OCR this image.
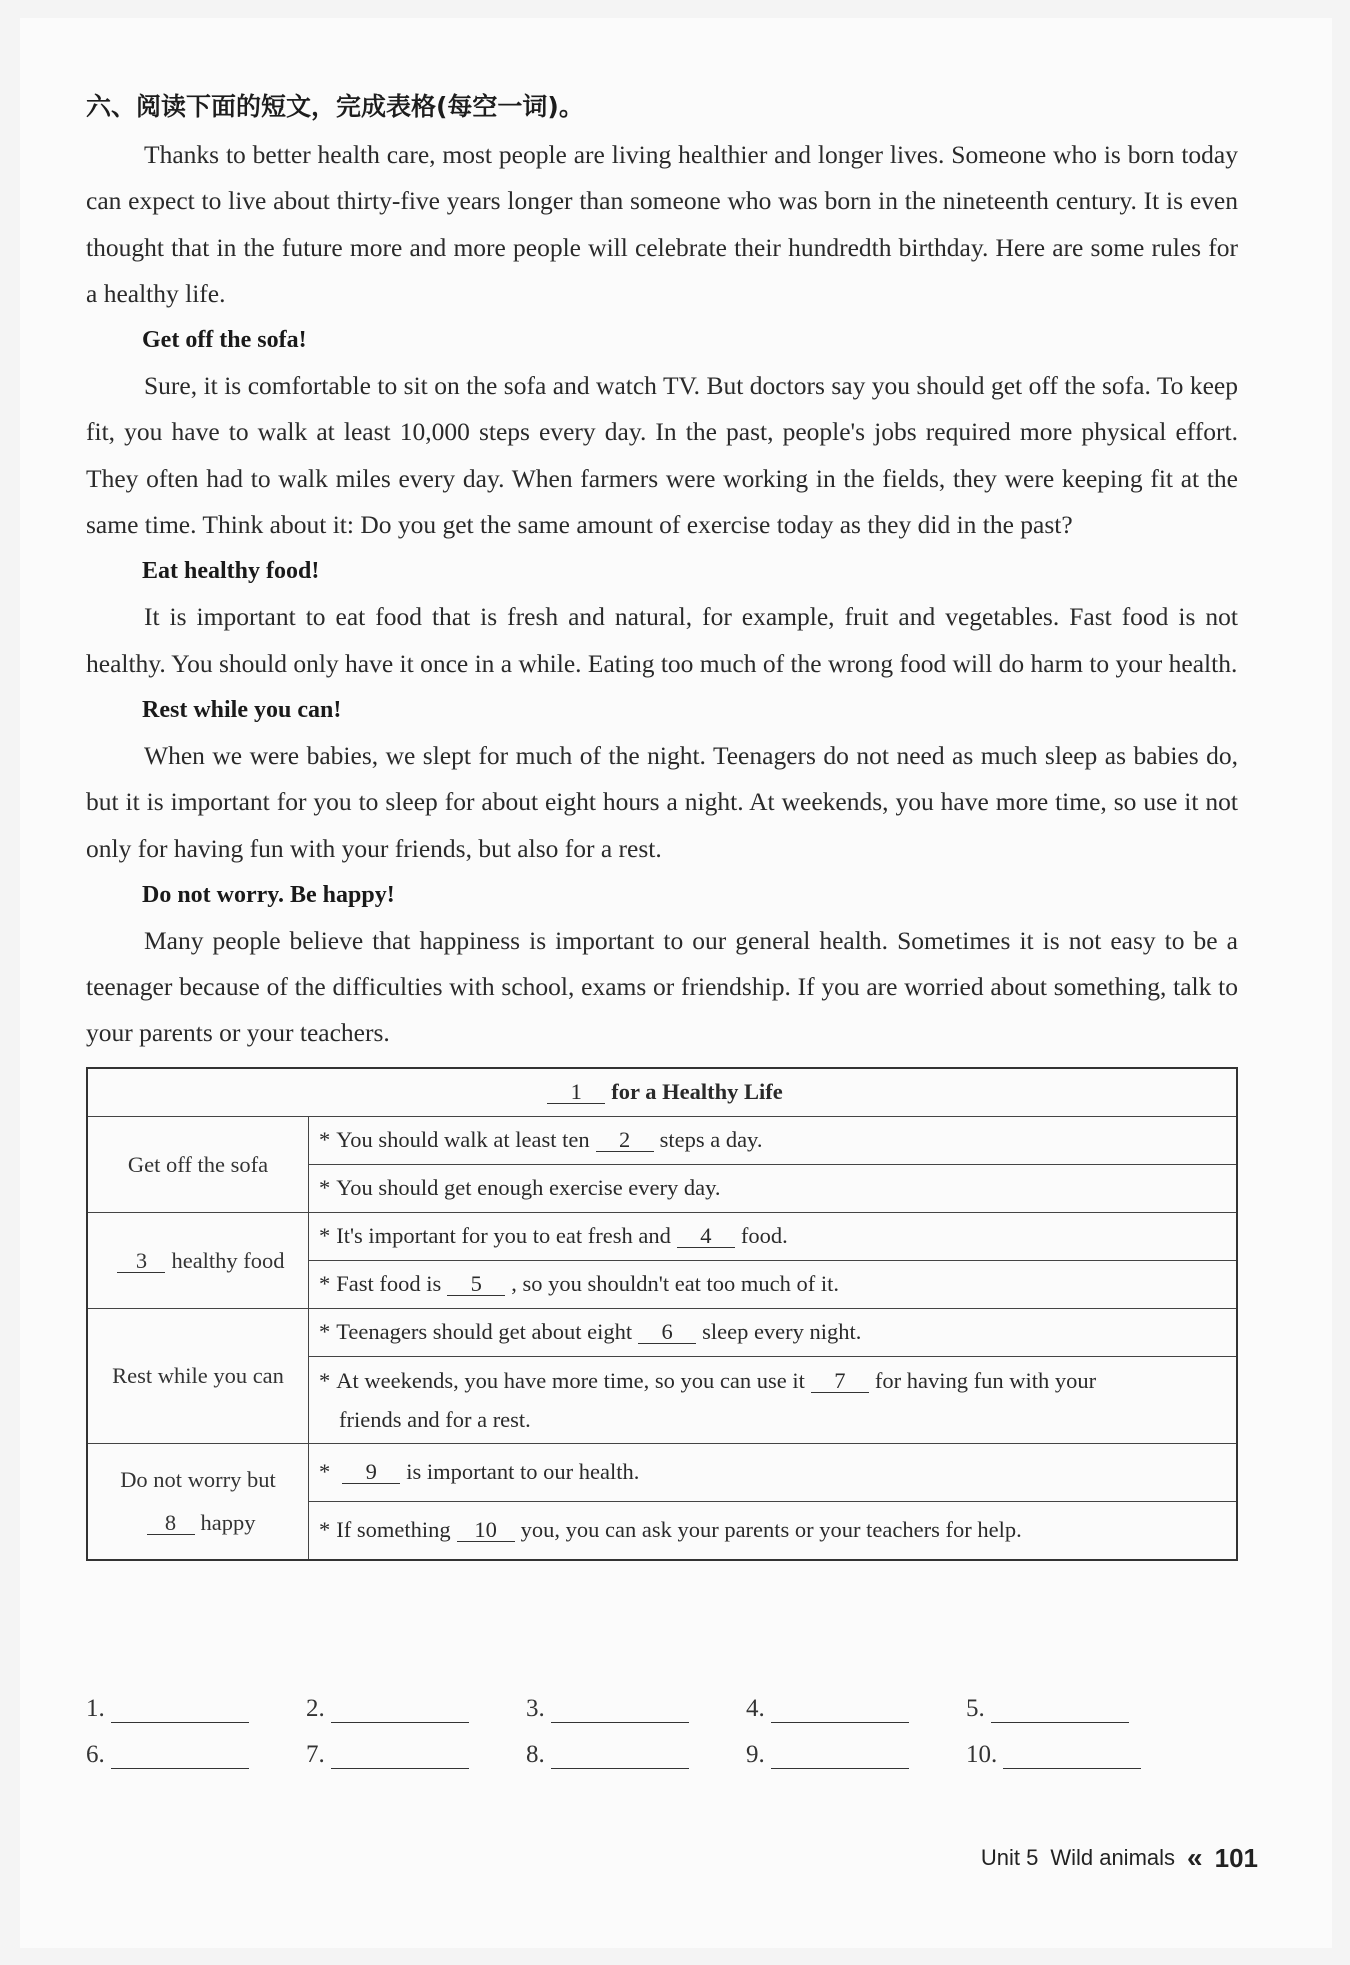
六、阅读下面的短文，完成表格(每空一词)。

Thanks to better health care, most people are living healthier and longer lives. Someone who is born today can expect to live about thirty-five years longer than someone who was born in the nineteenth century. It is even thought that in the future more and more people will celebrate their hundredth birthday. Here are some rules for a healthy life.

Get off the sofa!

Sure, it is comfortable to sit on the sofa and watch TV. But doctors say you should get off the sofa. To keep fit, you have to walk at least 10,000 steps every day. In the past, people's jobs required more physical effort. They often had to walk miles every day. When farmers were working in the fields, they were keeping fit at the same time. Think about it: Do you get the same amount of exercise today as they did in the past?

Eat healthy food!

It is important to eat food that is fresh and natural, for example, fruit and vegetables. Fast food is not healthy. You should only have it once in a while. Eating too much of the wrong food will do harm to your health.

Rest while you can!

When we were babies, we slept for much of the night. Teenagers do not need as much sleep as babies do, but it is important for you to sleep for about eight hours a night. At weekends, you have more time, so use it not only for having fun with your friends, but also for a rest.

Do not worry. Be happy!

Many people believe that happiness is important to our general health. Sometimes it is not easy to be a teenager because of the difficulties with school, exams or friendship. If you are worried about something, talk to your parents or your teachers.

1 for a Healthy Life	
Get off the sofa	* You should walk at least ten 2 steps a day.
	* You should get enough exercise every day.
3 healthy food	* It's important for you to eat fresh and 4 food.
	* Fast food is 5 , so you shouldn't eat too much of it.
Rest while you can	* Teenagers should get about eight 6 sleep every night.
	* At weekends, you have more time, so you can use it 7 for having fun with your
friends and for a rest.
Do not worry but
8 happy	* 9 is important to our health.
	* If something 10 you, you can ask your parents or your teachers for help.
1.	2.	3.	4.	5.
6.	7.	8.	9.	10.
Unit 5 Wild animals « 101
